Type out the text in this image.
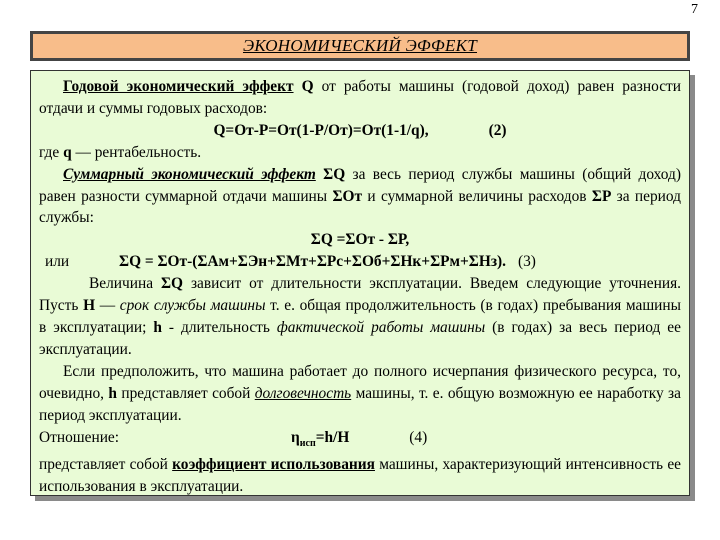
7
ЭКОНОМИЧЕСКИЙ ЭФФЕКТ

Годовой экономический эффект Q от работы машины (годовой доход) равен разности отдачи и суммы годовых расходов:

Q=От-Р=От(1-Р/От)=От(1-1/q),	(2)

где q — рентабельность.

Суммарный экономический эффект ΣQ за весь период службы машины (общий доход) равен разности суммарной отдачи машины ΣОт и суммарной величины расходов ΣР за период службы:

ΣQ =ΣОт - ΣР,

или	ΣQ = ΣОт-(ΣАм+ΣЭн+ΣМт+ΣРс+ΣОб+ΣНк+ΣРм+ΣНз). (3)

Величина ΣQ зависит от длительности эксплуатации. Введем следующие уточнения. Пусть Н — срок службы машины т. е. общая продолжительность (в годах) пребывания машины в эксплуатации; h - длительность фактической работы машины (в годах) за весь период ее эксплуатации.

Если предположить, что машина работает до полного исчерпания физического ресурса, то, очевидно, h представляет собой долговечность машины, т. е. общую возможную ее наработку за период эксплуатации.

Отношение:	$\eta_{исп}=h/H$	(4)

представляет собой коэффициент использования машины, характеризующий интенсивность ее использования в эксплуатации.
